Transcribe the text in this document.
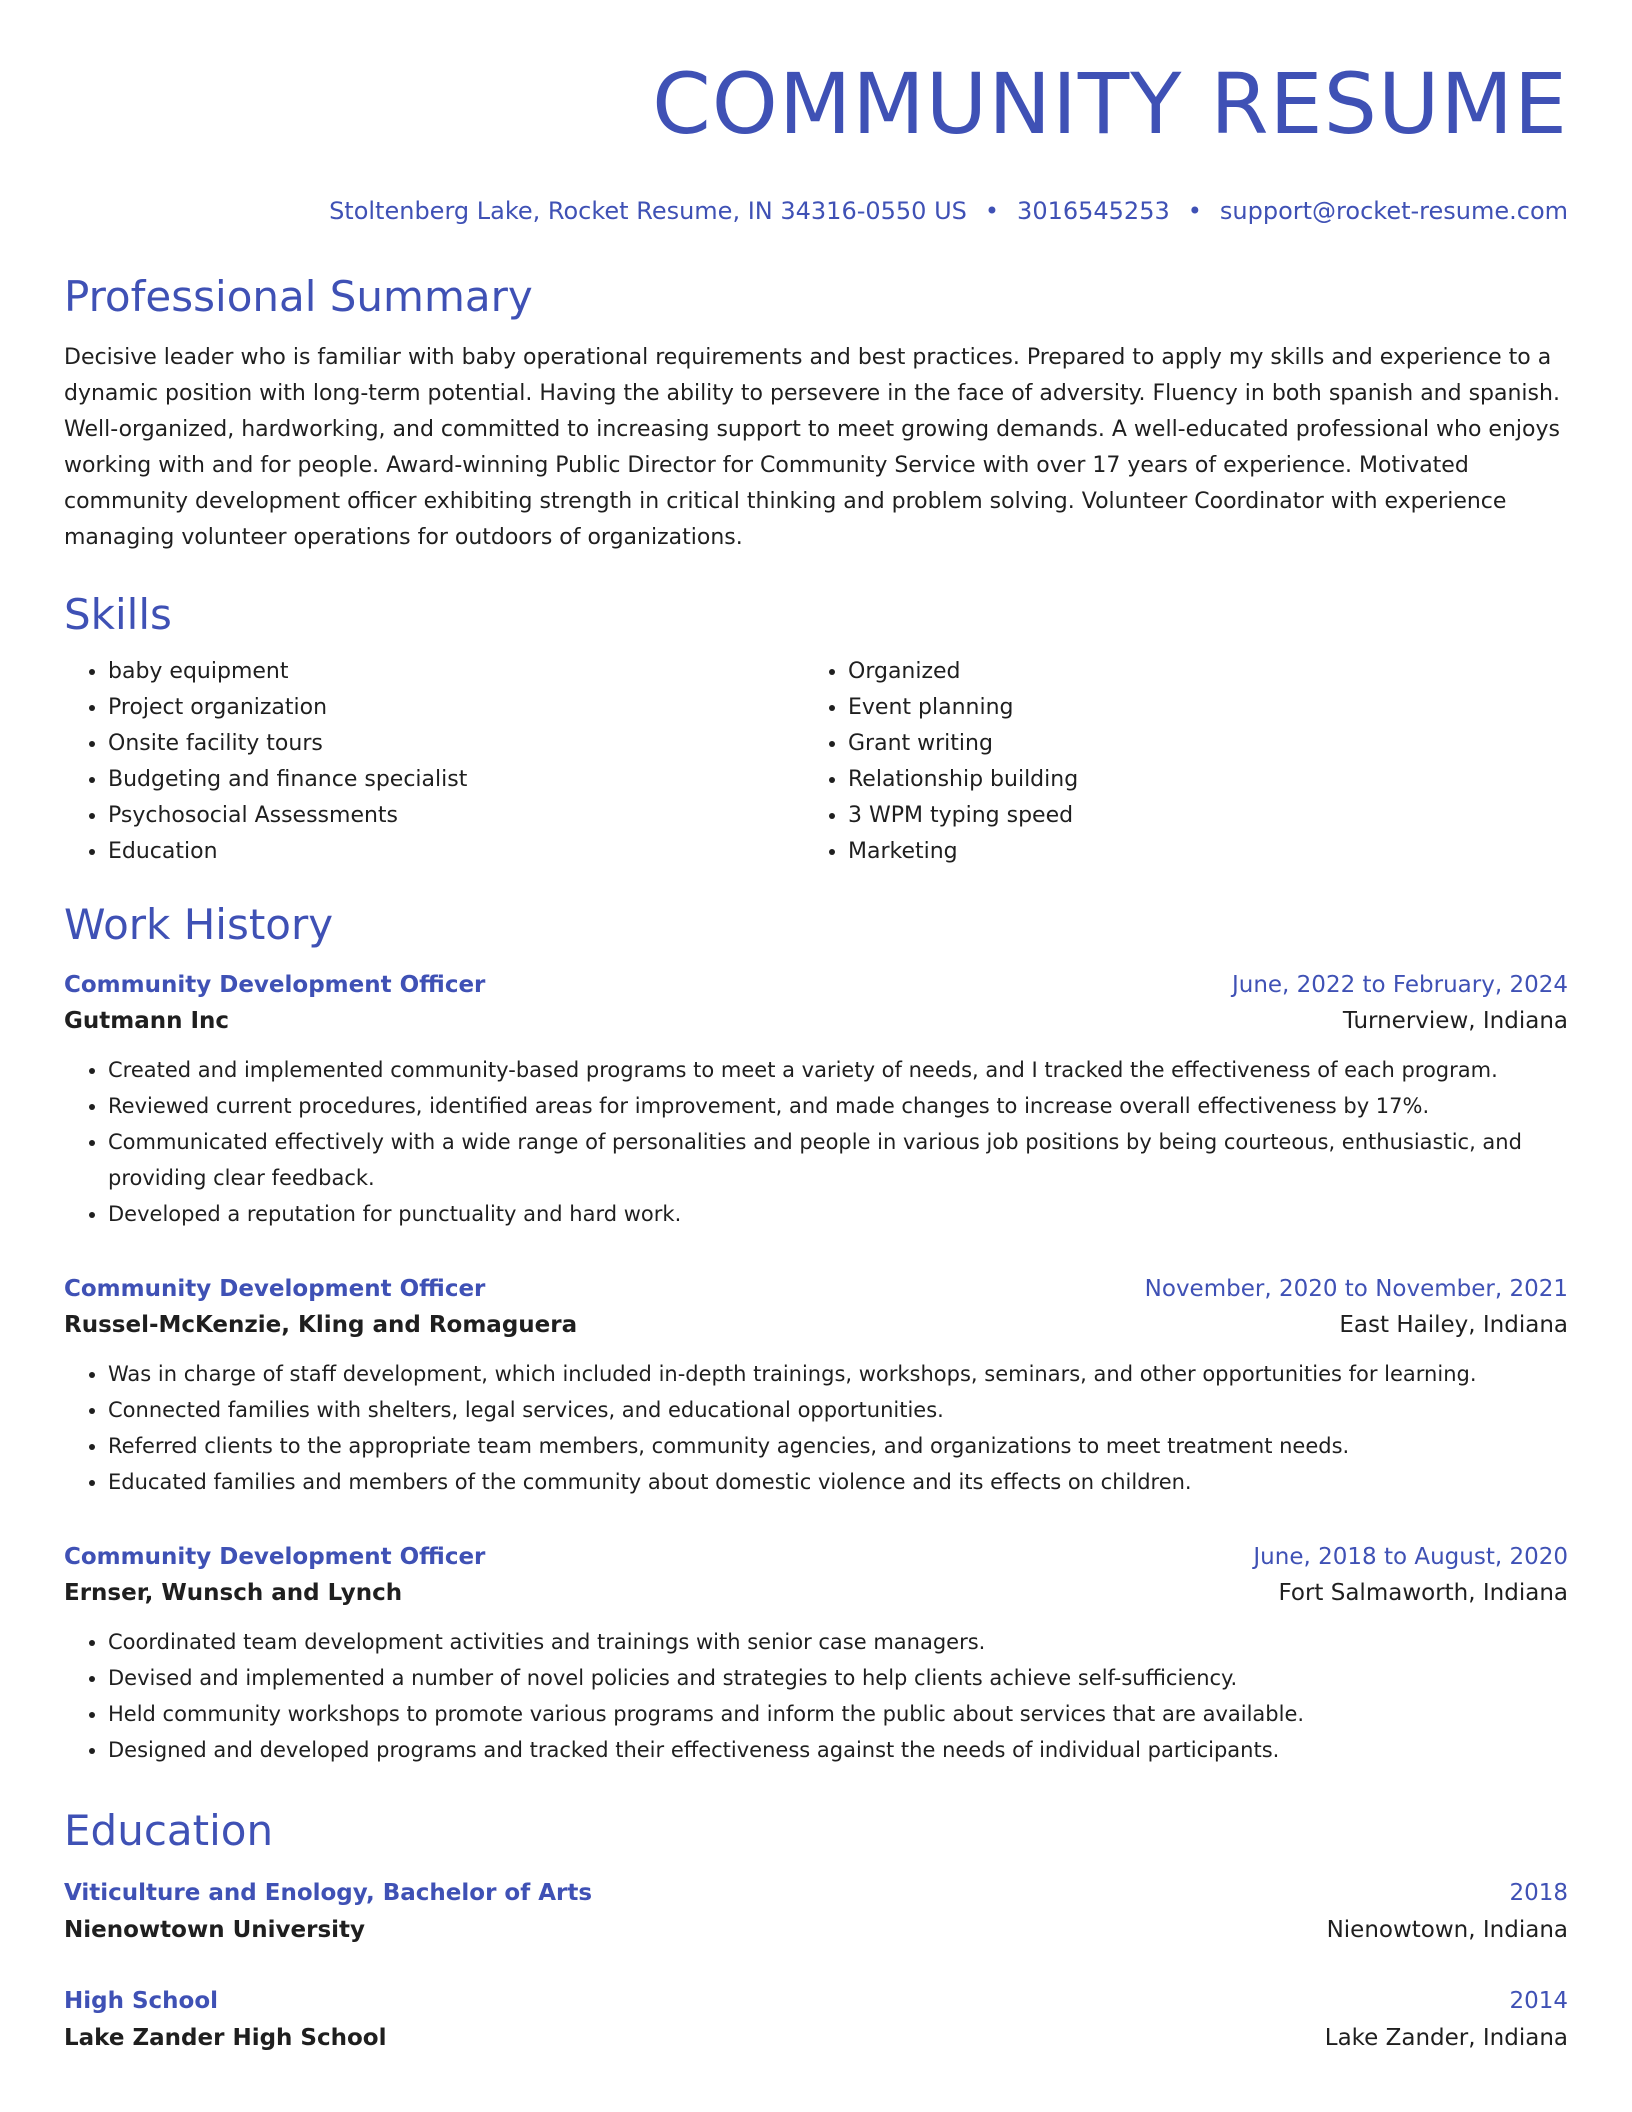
COMMUNITY RESUME
Stoltenberg Lake, Rocket Resume, IN 34316-0550 US • 3016545253 • support@rocket-resume.com
Professional Summary

Decisive leader who is familiar with baby operational requirements and best practices. Prepared to apply my skills and experience to a dynamic position with long-term potential. Having the ability to persevere in the face of adversity. Fluency in both spanish and spanish. Well-organized, hardworking, and committed to increasing support to meet growing demands. A well-educated professional who enjoys working with and for people. Award-winning Public Director for Community Service with over 17 years of experience. Motivated community development officer exhibiting strength in critical thinking and problem solving. Volunteer Coordinator with experience managing volunteer operations for outdoors of organizations.

Skills
• baby equipment
• Project organization
• Onsite facility tours
• Budgeting and finance specialist
• Psychosocial Assessments
• Education
• Organized
• Event planning
• Grant writing
• Relationship building
• 3 WPM typing speed
• Marketing
Work History
Community Development Officer	June, 2022 to February, 2024
Gutmann Inc	Turnerview, Indiana
• Created and implemented community-based programs to meet a variety of needs, and I tracked the effectiveness of each program.
• Reviewed current procedures, identified areas for improvement, and made changes to increase overall effectiveness by 17%.
• Communicated effectively with a wide range of personalities and people in various job positions by being courteous, enthusiastic, and providing clear feedback.
• Developed a reputation for punctuality and hard work.
Community Development Officer	November, 2020 to November, 2021
Russel-McKenzie, Kling and Romaguera	East Hailey, Indiana
• Was in charge of staff development, which included in-depth trainings, workshops, seminars, and other opportunities for learning.
• Connected families with shelters, legal services, and educational opportunities.
• Referred clients to the appropriate team members, community agencies, and organizations to meet treatment needs.
• Educated families and members of the community about domestic violence and its effects on children.
Community Development Officer	June, 2018 to August, 2020
Ernser, Wunsch and Lynch	Fort Salmaworth, Indiana
• Coordinated team development activities and trainings with senior case managers.
• Devised and implemented a number of novel policies and strategies to help clients achieve self-sufficiency.
• Held community workshops to promote various programs and inform the public about services that are available.
• Designed and developed programs and tracked their effectiveness against the needs of individual participants.
Education
Viticulture and Enology, Bachelor of Arts	2018
Nienowtown University	Nienowtown, Indiana
High School	2014
Lake Zander High School	Lake Zander, Indiana
